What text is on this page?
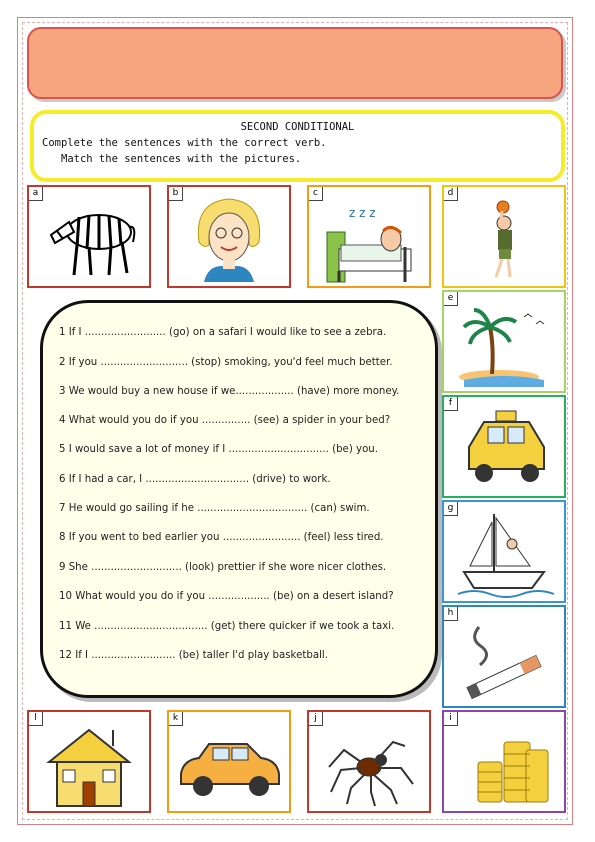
SECOND CONDITIONAL
Complete the sentences with the correct verb.
Match the sentences with the pictures.
a	b
z z z
c	d
e
f
g
h
l	k	j	i
1 If I ......................... (go) on a safari I would like to see a zebra.
2 If you ........................... (stop) smoking, you'd feel much better.
3 We would buy a new house if we.................. (have) more money.
4 What would you do if you ............... (see) a spider in your bed?
5 I would save a lot of money if I ............................... (be) you.
6 If I had a car, I ................................ (drive) to work.
7 He would go sailing if he .................................. (can) swim.
8 If you went to bed earlier you ........................ (feel) less tired.
9 She ............................ (look) prettier if she wore nicer clothes.
10 What would you do if you ................... (be) on a desert island?
11 We ................................... (get) there quicker if we took a taxi.
12 If I .......................... (be) taller I'd play basketball.
